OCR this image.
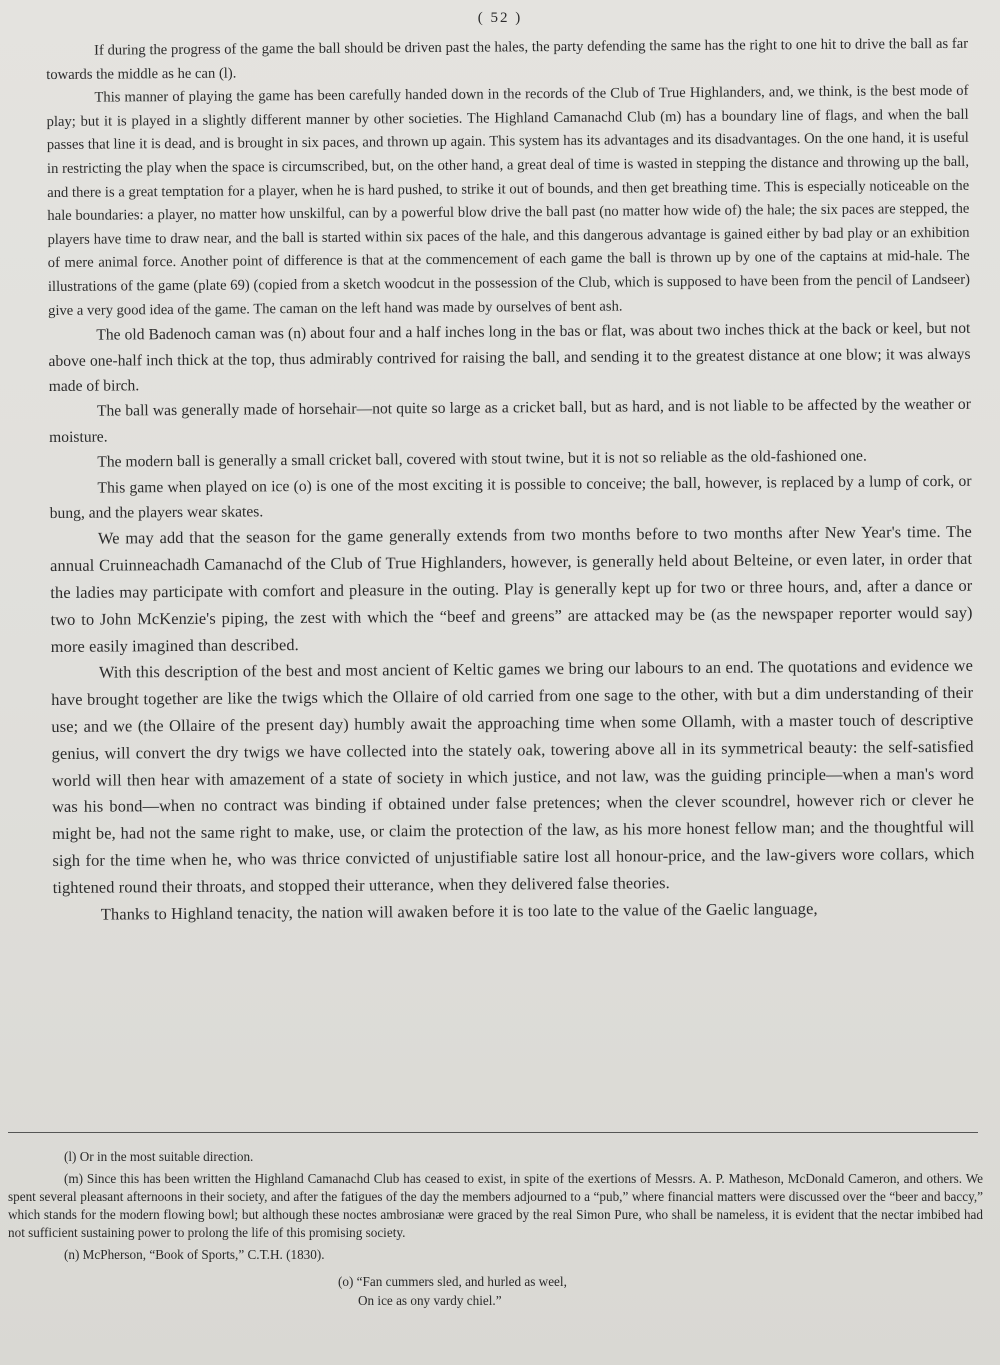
( 52 )

If during the progress of the game the ball should be driven past the hales, the party defending the same has the right to one hit to drive the ball as far towards the middle as he can (l).

This manner of playing the game has been carefully handed down in the records of the Club of True Highlanders, and, we think, is the best mode of play; but it is played in a slightly different manner by other societies. The Highland Camanachd Club (m) has a boundary line of flags, and when the ball passes that line it is dead, and is brought in six paces, and thrown up again. This system has its advantages and its disadvantages. On the one hand, it is useful in restricting the play when the space is circumscribed, but, on the other hand, a great deal of time is wasted in stepping the distance and throwing up the ball, and there is a great temptation for a player, when he is hard pushed, to strike it out of bounds, and then get breathing time. This is especially noticeable on the hale boundaries: a player, no matter how unskilful, can by a powerful blow drive the ball past (no matter how wide of) the hale; the six paces are stepped, the players have time to draw near, and the ball is started within six paces of the hale, and this dangerous advantage is gained either by bad play or an exhibition of mere animal force. Another point of difference is that at the commencement of each game the ball is thrown up by one of the captains at mid-hale. The illustrations of the game (plate 69) (copied from a sketch woodcut in the possession of the Club, which is supposed to have been from the pencil of Landseer) give a very good idea of the game. The caman on the left hand was made by ourselves of bent ash.

The old Badenoch caman was (n) about four and a half inches long in the bas or flat, was about two inches thick at the back or keel, but not above one-half inch thick at the top, thus admirably contrived for raising the ball, and sending it to the greatest distance at one blow; it was always made of birch.

The ball was generally made of horsehair—not quite so large as a cricket ball, but as hard, and is not liable to be affected by the weather or moisture.

The modern ball is generally a small cricket ball, covered with stout twine, but it is not so reliable as the old-fashioned one.

This game when played on ice (o) is one of the most exciting it is possible to conceive; the ball, however, is replaced by a lump of cork, or bung, and the players wear skates.

We may add that the season for the game generally extends from two months before to two months after New Year's time. The annual Cruinneachadh Camanachd of the Club of True Highlanders, however, is generally held about Belteine, or even later, in order that the ladies may participate with comfort and pleasure in the outing. Play is generally kept up for two or three hours, and, after a dance or two to John McKenzie's piping, the zest with which the “beef and greens” are attacked may be (as the newspaper reporter would say) more easily imagined than described.

With this description of the best and most ancient of Keltic games we bring our labours to an end. The quotations and evidence we have brought together are like the twigs which the Ollaire of old carried from one sage to the other, with but a dim understanding of their use; and we (the Ollaire of the present day) humbly await the approaching time when some Ollamh, with a master touch of descriptive genius, will convert the dry twigs we have collected into the stately oak, towering above all in its symmetrical beauty: the self-satisfied world will then hear with amazement of a state of society in which justice, and not law, was the guiding principle—when a man's word was his bond—when no contract was binding if obtained under false pretences; when the clever scoundrel, however rich or clever he might be, had not the same right to make, use, or claim the protection of the law, as his more honest fellow man; and the thoughtful will sigh for the time when he, who was thrice convicted of unjustifiable satire lost all honour-price, and the law-givers wore collars, which tightened round their throats, and stopped their utterance, when they delivered false theories.

Thanks to Highland tenacity, the nation will awaken before it is too late to the value of the Gaelic language,

(l) Or in the most suitable direction.

(m) Since this has been written the Highland Camanachd Club has ceased to exist, in spite of the exertions of Messrs. A. P. Matheson, McDonald Cameron, and others. We spent several pleasant afternoons in their society, and after the fatigues of the day the members adjourned to a “pub,” where financial matters were discussed over the “beer and baccy,” which stands for the modern flowing bowl; but although these noctes ambrosianæ were graced by the real Simon Pure, who shall be nameless, it is evident that the nectar imbibed had not sufficient sustaining power to prolong the life of this promising society.

(n) McPherson, “Book of Sports,” C.T.H. (1830).

(o) “Fan cummers sled, and hurled as weel,
On ice as ony vardy chiel.”
